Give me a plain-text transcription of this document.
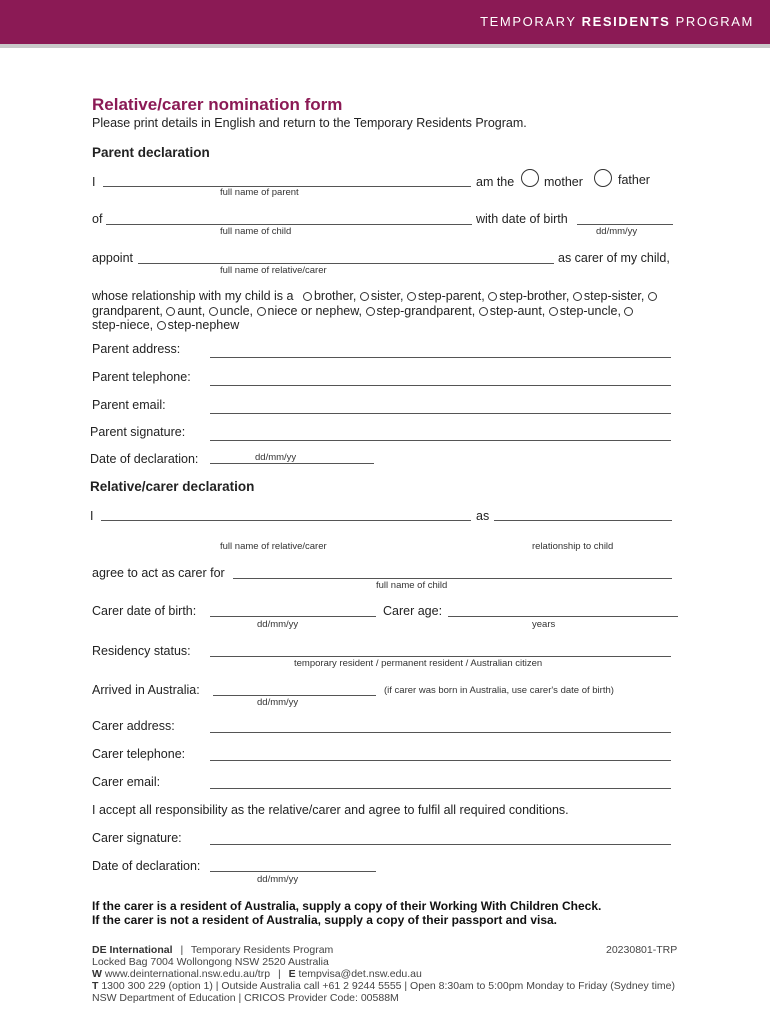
TEMPORARY RESIDENTS PROGRAM
Relative/carer nomination form
Please print details in English and return to the Temporary Residents Program.
Parent declaration
I	am the mother	father
full name of parent
of	with date of birth
full name of child	dd/mm/yy
appoint	as carer of my child,
full name of relative/carer
whose relationship with my child is a brother, sister, step-parent, step-brother, step-sister, grandparent, aunt, uncle, niece or nephew, step-grandparent, step-aunt, step-uncle, step-niece, step-nephew
Parent address:
Parent telephone:
Parent email:
Parent signature:
Date of declaration:	dd/mm/yy
Relative/carer declaration
I	as
full name of relative/carer	relationship to child
agree to act as carer for
full name of child
Carer date of birth:	Carer age:
dd/mm/yy	years
Residency status:
temporary resident / permanent resident / Australian citizen
Arrived in Australia:	(if carer was born in Australia, use carer's date of birth)
dd/mm/yy
Carer address:
Carer telephone:
Carer email:
I accept all responsibility as the relative/carer and agree to fulfil all required conditions.
Carer signature:
Date of declaration:
dd/mm/yy
If the carer is a resident of Australia, supply a copy of their Working With Children Check.
If the carer is not a resident of Australia, supply a copy of their passport and visa.
DE International | Temporary Residents Program	20230801-TRP
Locked Bag 7004 Wollongong NSW 2520 Australia
W www.deinternational.nsw.edu.au/trp | E tempvisa@det.nsw.edu.au
T 1300 300 229 (option 1) | Outside Australia call +61 2 9244 5555 | Open 8:30am to 5:00pm Monday to Friday (Sydney time)
NSW Department of Education | CRICOS Provider Code: 00588M
